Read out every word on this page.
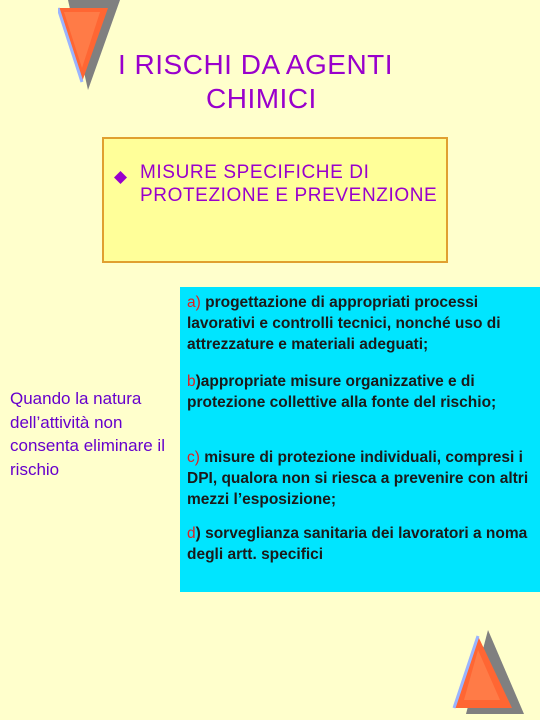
I RISCHI DA AGENTI
CHIMICI
MISURE SPECIFICHE DI PROTEZIONE E PREVENZIONE
Quando la natura dell’attività non consenta eliminare il rischio
a) progettazione di appropriati processi lavorativi e controlli tecnici, nonché uso di attrezzature e materiali adeguati;
b)appropriate misure organizzative e di protezione collettive alla fonte del rischio;
c) misure di protezione individuali, compresi i DPI, qualora non si riesca a prevenire con altri mezzi l’esposizione;
d) sorveglianza sanitaria dei lavoratori a noma degli artt. specifici
